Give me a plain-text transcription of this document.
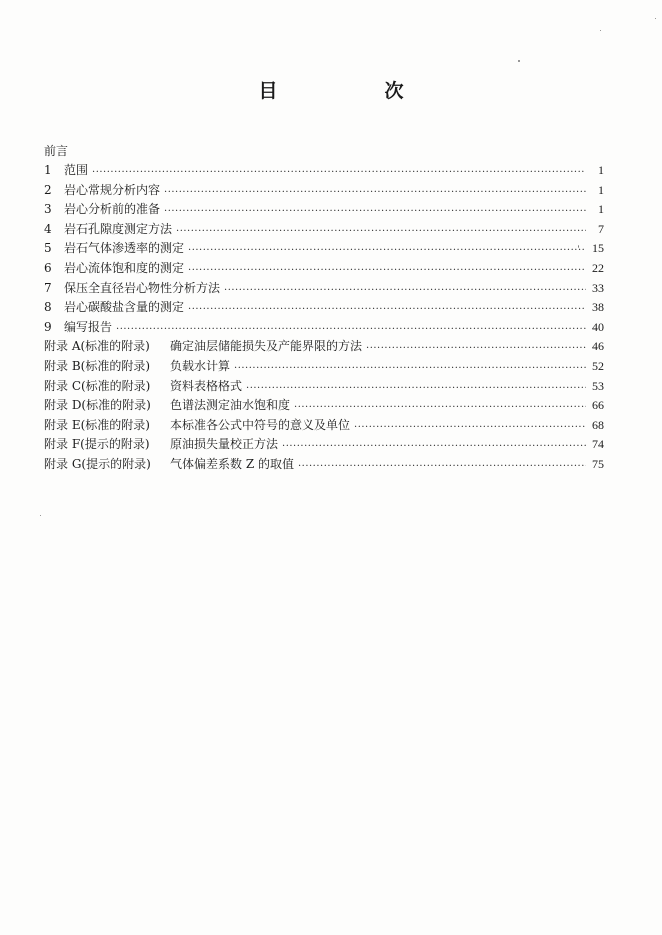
目　次
前言
1	范围 ·····	1
2	岩心常规分析内容 ·····	1
3	岩心分析前的准备 ·····	1
4	岩石孔隙度测定方法 ·····	7
5	岩石气体渗透率的测定 ·····	15
6	岩心流体饱和度的测定 ·····	22
7	保压全直径岩心物性分析方法 ·····	33
8	岩心碳酸盐含量的测定 ·····	38
9	编写报告 ·····	40
附录 A(标准的附录)	确定油层储能损失及产能界限的方法 ·····	46
附录 B(标准的附录)	负载水计算 ·····	52
附录 C(标准的附录)	资料表格格式 ·····	53
附录 D(标准的附录)	色谱法测定油水饱和度 ·····	66
附录 E(标准的附录)	本标准各公式中符号的意义及单位 ·····	68
附录 F(提示的附录)	原油损失量校正方法 ·····	74
附录 G(提示的附录)	气体偏差系数 Z 的取值 ·····	75
